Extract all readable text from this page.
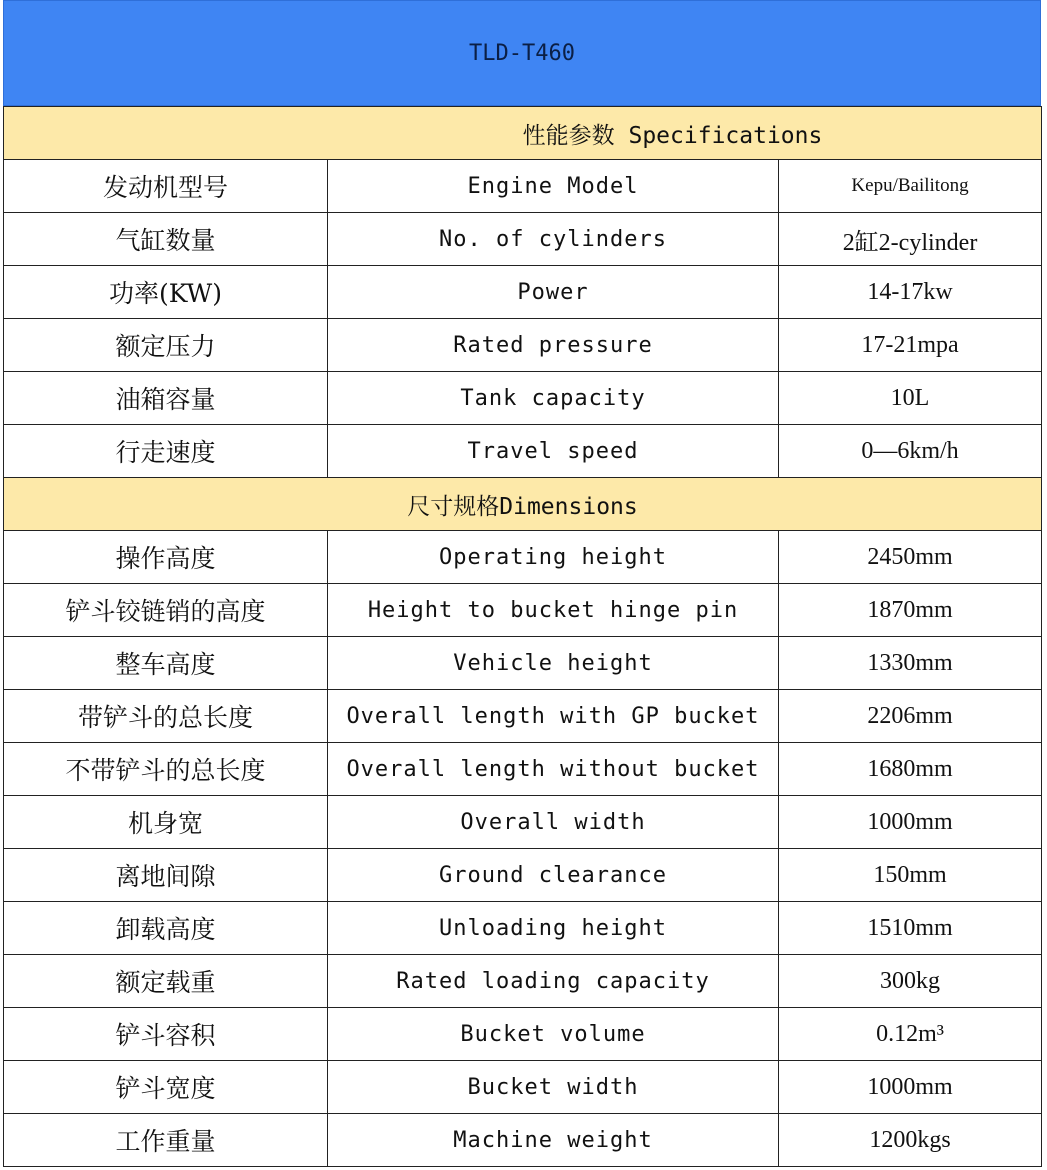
TLD-T460
性能参数 Specifications		
发动机型号	Engine Model	Kepu/Bailitong
气缸数量	No. of cylinders	2缸2-cylinder
功率(KW)	Power	14-17kw
额定压力	Rated pressure	17-21mpa
油箱容量	Tank capacity	10L
行走速度	Travel speed	0—6km/h
尺寸规格Dimensions		
操作高度	Operating height	2450mm
铲斗铰链销的高度	Height to bucket hinge pin	1870mm
整车高度	Vehicle height	1330mm
带铲斗的总长度	Overall length with GP bucket	2206mm
不带铲斗的总长度	Overall length without bucket	1680mm
机身宽	Overall width	1000mm
离地间隙	Ground clearance	150mm
卸载高度	Unloading height	1510mm
额定载重	Rated loading capacity	300kg
铲斗容积	Bucket volume	0.12m³
铲斗宽度	Bucket width	1000mm
工作重量	Machine weight	1200kgs
